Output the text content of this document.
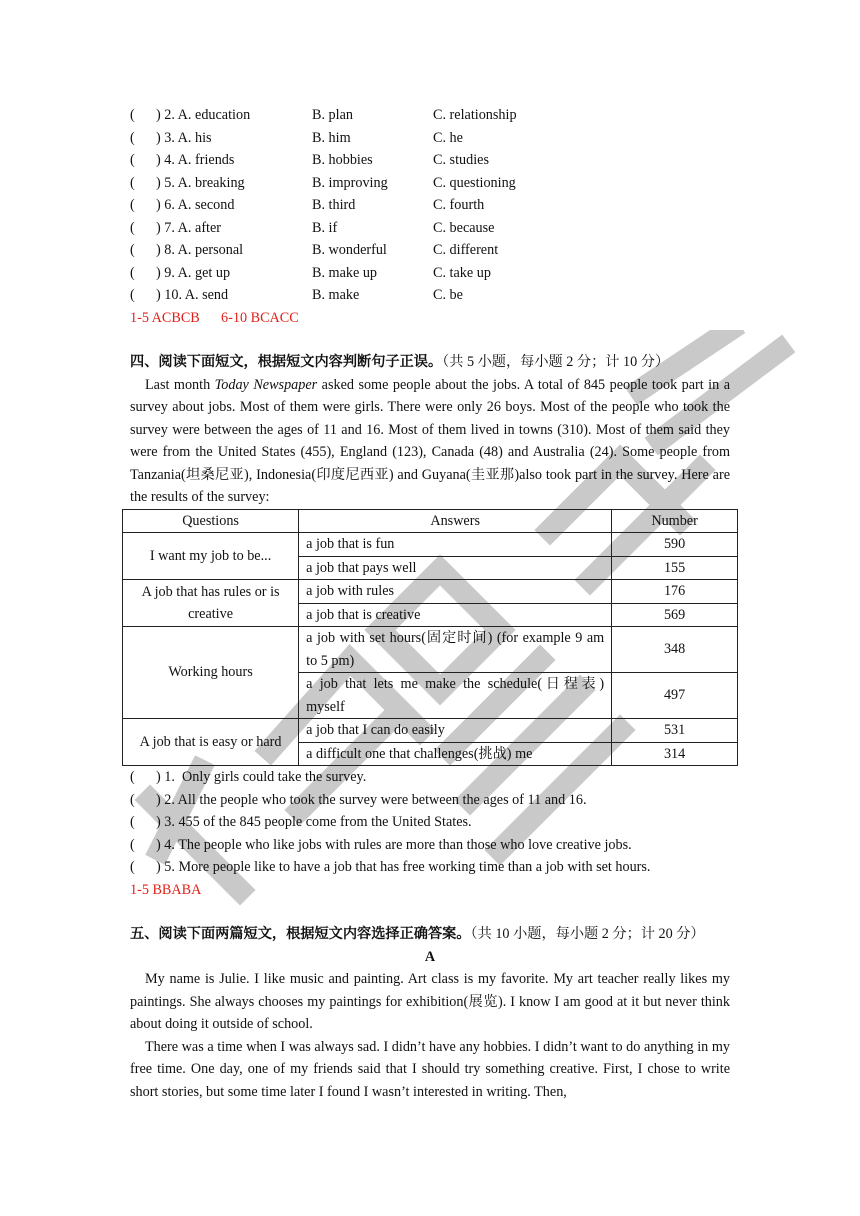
(      ) 2. A. education	B. plan	C. relationship
(      ) 3. A. his	B. him	C. he
(      ) 4. A. friends	B. hobbies	C. studies
(      ) 5. A. breaking	B. improving	C. questioning
(      ) 6. A. second	B. third	C. fourth
(      ) 7. A. after	B. if	C. because
(      ) 8. A. personal	B. wonderful	C. different
(      ) 9. A. get up	B. make up	C. take up
(      ) 10. A. send	B. make	C. be
1-5 ACBCB      6-10 BCACC
四、阅读下面短文，根据短文内容判断句子正误。（共 5 小题，每小题 2 分；计 10 分）

Last month Today Newspaper asked some people about the jobs. A total of 845 people took part in a survey about jobs. Most of them were girls. There were only 26 boys. Most of the people who took the survey were between the ages of 11 and 16. Most of them lived in towns (310). Most of them said they were from the United States (455), England (123), Canada (48) and Australia (24). Some people from Tanzania(坦桑尼亚), Indonesia(印度尼西亚) and Guyana(圭亚那)also took part in the survey. Here are the results of the survey:

Questions	Answers	Number
I want my job to be...	a job that is fun	590
	a job that pays well	155
A job that has rules or is creative	a job with rules	176
	a job that is creative	569
Working hours	a job with set hours(固定时间) (for example 9 am to 5 pm)	348
	a job that lets me make the schedule(日程表) myself	497
A job that is easy or hard	a job that I can do easily	531
	a difficult one that challenges(挑战) me	314
(      ) 1.  Only girls could take the survey.
(      ) 2. All the people who took the survey were between the ages of 11 and 16.
(      ) 3. 455 of the 845 people come from the United States.
(      ) 4. The people who like jobs with rules are more than those who love creative jobs.
(      ) 5. More people like to have a job that has free working time than a job with set hours.
1-5 BBABA
五、阅读下面两篇短文，根据短文内容选择正确答案。（共 10 小题，每小题 2 分；计 20 分）
A

My name is Julie. I like music and painting. Art class is my favorite. My art teacher really likes my paintings. She always chooses my paintings for exhibition(展览). I know I am good at it but never think about doing it outside of school.

There was a time when I was always sad. I didn’t have any hobbies. I didn’t want to do anything in my free time. One day, one of my friends said that I should try something creative. First, I chose to write short stories, but some time later I found I wasn’t interested in writing. Then,
